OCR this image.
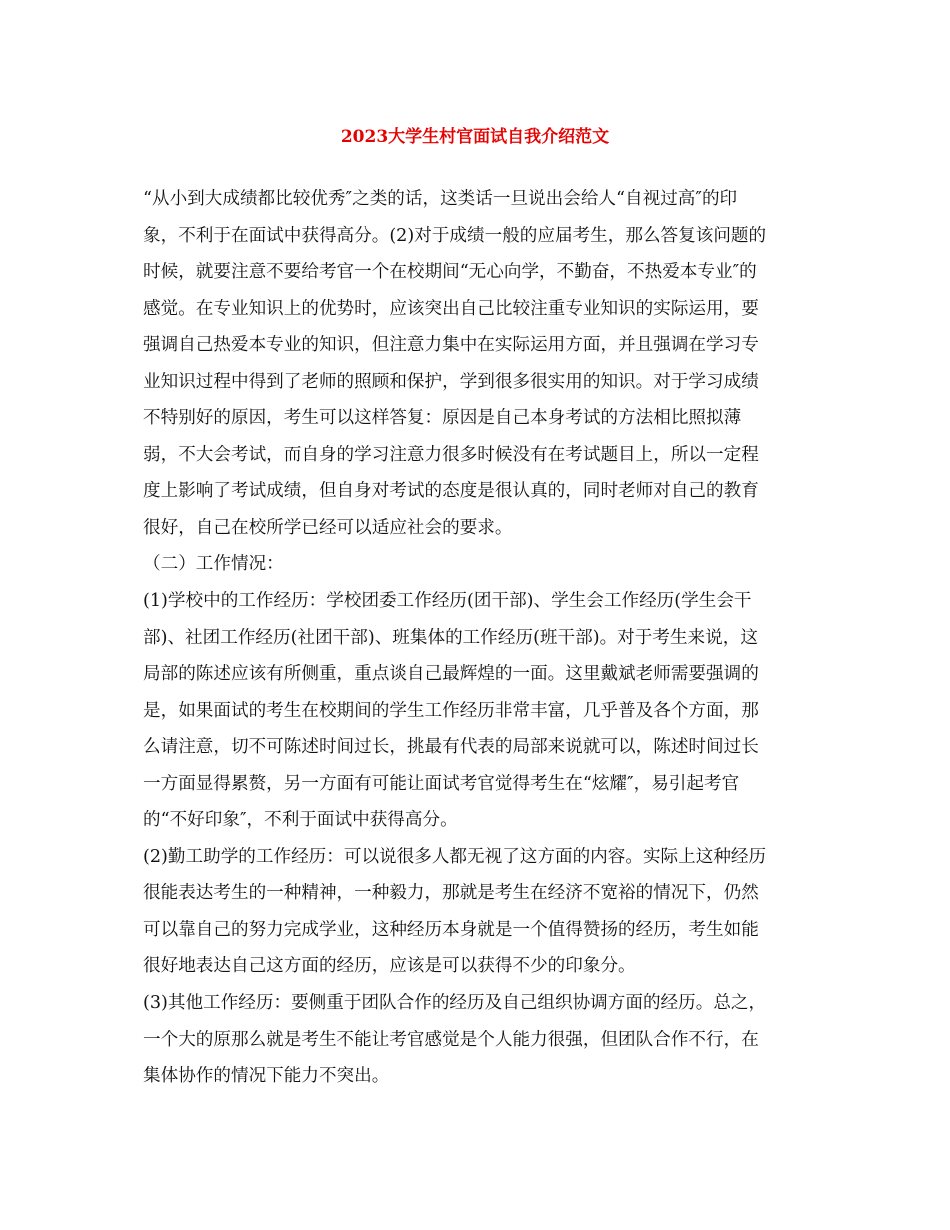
2023大学生村官面试自我介绍范文
“从小到大成绩都比较优秀″之类的话，这类话一旦说出会给人“自视过高″的印
象，不利于在面试中获得高分。(2)对于成绩一般的应届考生，那么答复该问题的
时候，就要注意不要给考官一个在校期间“无心向学，不勤奋，不热爱本专业″的
感觉。在专业知识上的优势时，应该突出自己比较注重专业知识的实际运用，要
强调自己热爱本专业的知识，但注意力集中在实际运用方面，并且强调在学习专
业知识过程中得到了老师的照顾和保护，学到很多很实用的知识。对于学习成绩
不特别好的原因，考生可以这样答复：原因是自己本身考试的方法相比照拟薄
弱，不大会考试，而自身的学习注意力很多时候没有在考试题目上，所以一定程
度上影响了考试成绩，但自身对考试的态度是很认真的，同时老师对自己的教育
很好，自己在校所学已经可以适应社会的要求。
（二）工作情况：
(1)学校中的工作经历：学校团委工作经历(团干部)、学生会工作经历(学生会干
部)、社团工作经历(社团干部)、班集体的工作经历(班干部)。对于考生来说，这
局部的陈述应该有所侧重，重点谈自己最辉煌的一面。这里戴斌老师需要强调的
是，如果面试的考生在校期间的学生工作经历非常丰富，几乎普及各个方面，那
么请注意，切不可陈述时间过长，挑最有代表的局部来说就可以，陈述时间过长
一方面显得累赘，另一方面有可能让面试考官觉得考生在“炫耀″，易引起考官
的“不好印象″，不利于面试中获得高分。
(2)勤工助学的工作经历：可以说很多人都无视了这方面的内容。实际上这种经历
很能表达考生的一种精神，一种毅力，那就是考生在经济不宽裕的情况下，仍然
可以靠自己的努力完成学业，这种经历本身就是一个值得赞扬的经历，考生如能
很好地表达自己这方面的经历，应该是可以获得不少的印象分。
(3)其他工作经历：要侧重于团队合作的经历及自己组织协调方面的经历。总之，
一个大的原那么就是考生不能让考官感觉是个人能力很强，但团队合作不行，在
集体协作的情况下能力不突出。
